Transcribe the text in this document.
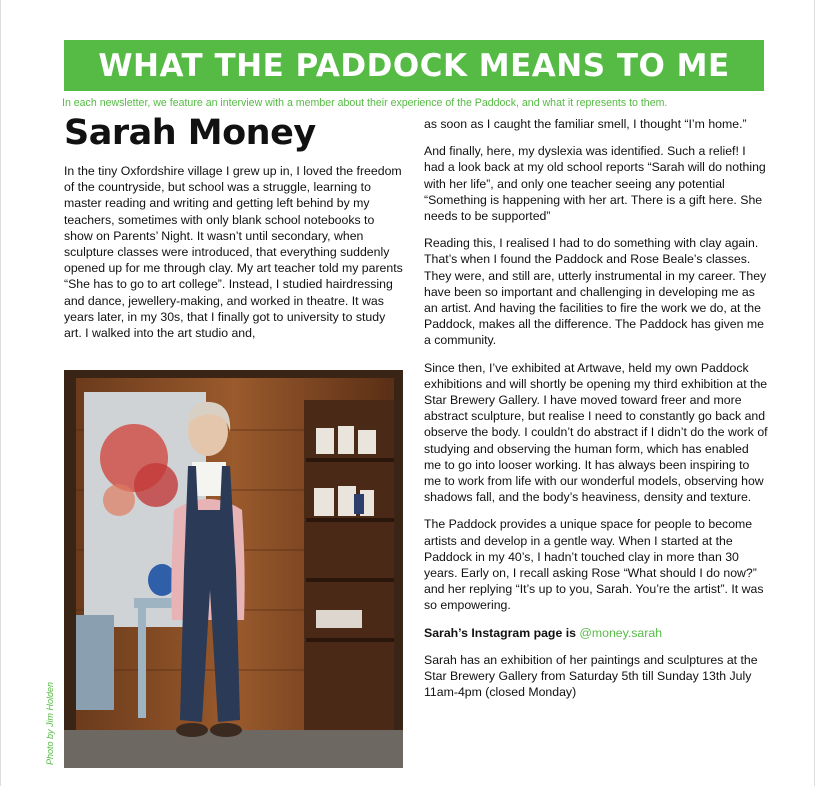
WHAT THE PADDOCK MEANS TO ME
In each newsletter, we feature an interview with a member about their experience of the Paddock, and what it represents to them.
Sarah Money

In the tiny Oxfordshire village I grew up in, I loved the freedom of the countryside, but school was a struggle, learning to master reading and writing and getting left behind by my teachers, sometimes with only blank school notebooks to show on Parents’ Night. It wasn’t until secondary, when sculpture classes were introduced, that everything suddenly opened up for me through clay. My art teacher told my parents “She has to go to art college”. Instead, I studied hairdressing and dance, jewellery-making, and worked in theatre. It was years later, in my 30s, that I finally got to university to study art. I walked into the art studio and,

Photo by Jim Holden

as soon as I caught the familiar smell, I thought “I’m home.”

And finally, here, my dyslexia was identified. Such a relief! I had a look back at my old school reports “Sarah will do nothing with her life”, and only one teacher seeing any potential “Something is happening with her art. There is a gift here. She needs to be supported”

Reading this, I realised I had to do something with clay again. That’s when I found the Paddock and Rose Beale’s classes. They were, and still are, utterly instrumental in my career. They have been so important and challenging in developing me as an artist. And having the facilities to fire the work we do, at the Paddock, makes all the difference. The Paddock has given me a community.

Since then, I’ve exhibited at Artwave, held my own Paddock exhibitions and will shortly be opening my third exhibition at the Star Brewery Gallery. I have moved toward freer and more abstract sculpture, but realise I need to constantly go back and observe the body. I couldn’t do abstract if I didn’t do the work of studying and observing the human form, which has enabled me to go into looser working. It has always been inspiring to me to work from life with our wonderful models, observing how shadows fall, and the body’s heaviness, density and texture.

The Paddock provides a unique space for people to become artists and develop in a gentle way. When I started at the Paddock in my 40’s, I hadn’t touched clay in more than 30 years. Early on, I recall asking Rose “What should I do now?” and her replying “It’s up to you, Sarah. You’re the artist”. It was so empowering.

Sarah’s Instagram page is @money.sarah

Sarah has an exhibition of her paintings and sculptures at the Star Brewery Gallery from Saturday 5th till Sunday 13th July 11am-4pm (closed Monday)
